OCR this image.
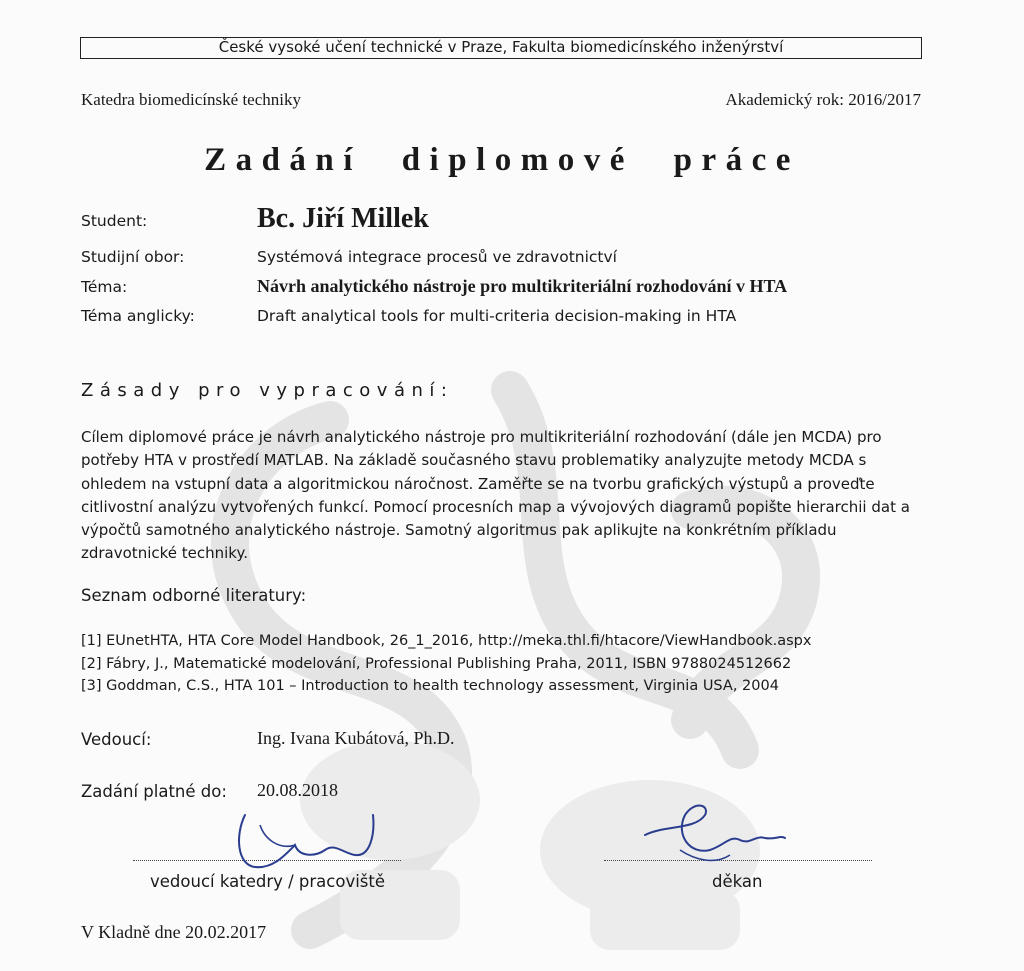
České vysoké učení technické v Praze, Fakulta biomedicínského inženýrství
Katedra biomedicínské techniky	Akademický rok: 2016/2017
Zadání diplomové práce
Student:	Bc. Jiří Millek
Studijní obor:	Systémová integrace procesů ve zdravotnictví
Téma:	Návrh analytického nástroje pro multikriteriální rozhodování v HTA
Téma anglicky:	Draft analytical tools for multi-criteria decision-making in HTA
Zásady pro vypracování:
Cílem diplomové práce je návrh analytického nástroje pro multikriteriální rozhodování (dále jen MCDA) pro
potřeby HTA v prostředí MATLAB. Na základě současného stavu problematiky analyzujte metody MCDA s
ohledem na vstupní data a algoritmickou náročnost. Zaměřte se na tvorbu grafických výstupů a proveďte
citlivostní analýzu vytvořených funkcí. Pomocí procesních map a vývojových diagramů popište hierarchii dat a
výpočtů samotného analytického nástroje. Samotný algoritmus pak aplikujte na konkrétním příkladu
zdravotnické techniky.
Seznam odborné literatury:
[1] EUnetHTA, HTA Core Model Handbook, 26_1_2016, http://meka.thl.fi/htacore/ViewHandbook.aspx
[2] Fábry, J., Matematické modelování, Professional Publishing Praha, 2011, ISBN 9788024512662
[3] Goddman, C.S., HTA 101 – Introduction to health technology assessment, Virginia USA, 2004
Vedoucí:	Ing. Ivana Kubátová, Ph.D.
Zadání platné do: 20.08.2018
vedoucí katedry / pracoviště	děkan
V Kladně dne 20.02.2017
